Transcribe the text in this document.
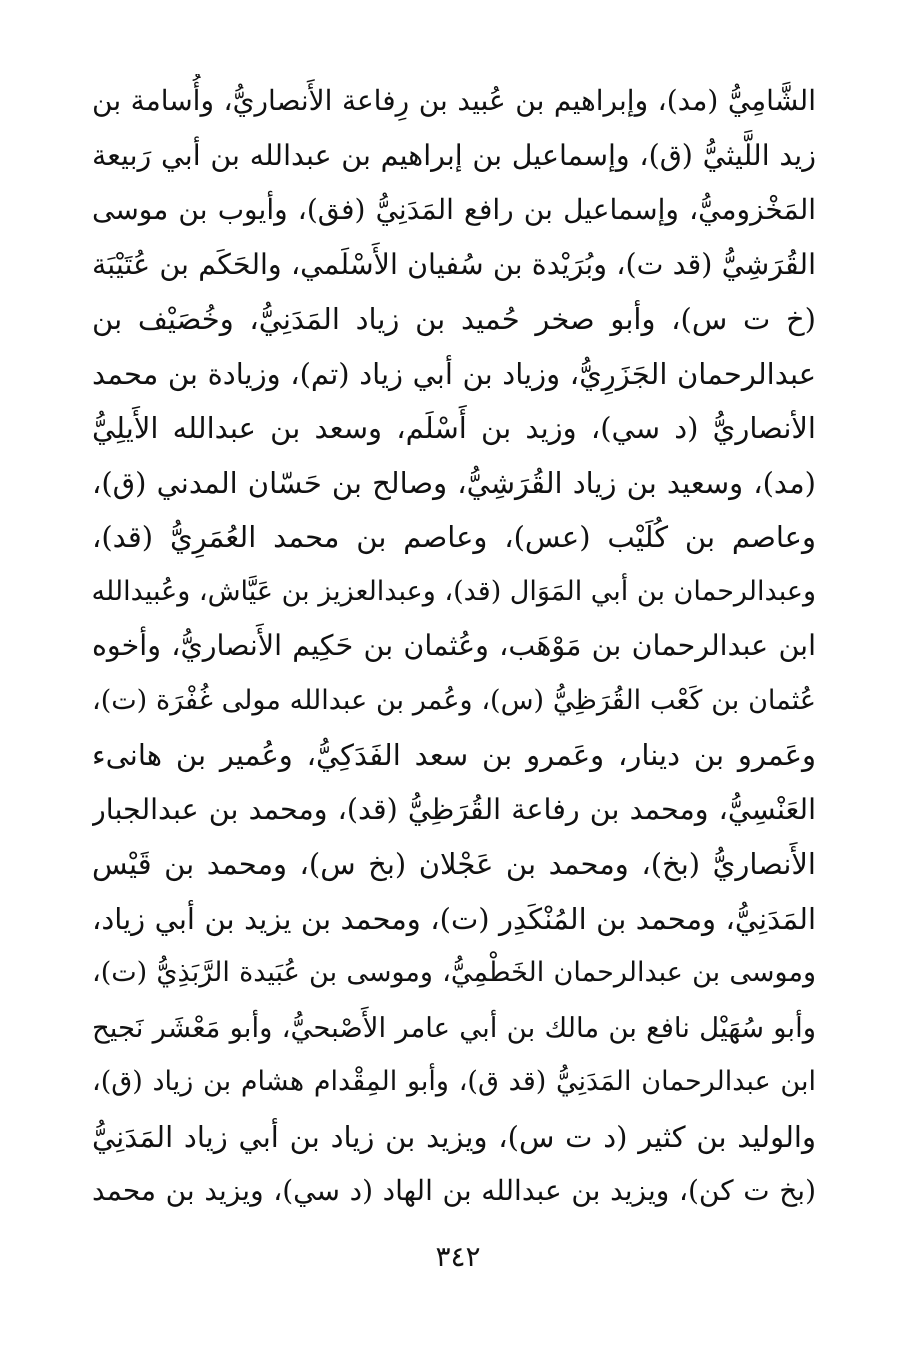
الشَّامِيُّ (مد)، وإبراهيم بن عُبيد بن رِفاعة الأَنصاريُّ، وأُسامة بن
زيد اللَّيثيُّ (ق)، وإسماعيل بن إبراهيم بن عبدالله بن أبي رَبيعة
المَخْزوميُّ، وإسماعيل بن رافع المَدَنِيُّ (فق)، وأيوب بن موسى
القُرَشِيُّ (قد ت)، وبُرَيْدة بن سُفيان الأَسْلَمي، والحَكَم بن عُتَيْبَة
(خ ت س)، وأبو صخر حُميد بن زياد المَدَنِيُّ، وخُصَيْف بن
عبدالرحمان الجَزَرِيُّ، وزياد بن أبي زياد (تم)، وزيادة بن محمد
الأنصاريُّ (د سي)، وزيد بن أَسْلَم، وسعد بن عبدالله الأَيلِيُّ
(مد)، وسعيد بن زياد القُرَشِيُّ، وصالح بن حَسّان المدني (ق)،
وعاصم بن كُلَيْب (عس)، وعاصم بن محمد العُمَرِيُّ (قد)،
وعبدالرحمان بن أبي المَوَال (قد)، وعبدالعزيز بن عَيَّاش، وعُبيدالله
ابن عبدالرحمان بن مَوْهَب، وعُثمان بن حَكِيم الأَنصاريُّ، وأخوه
عُثمان بن كَعْب القُرَظِيُّ (س)، وعُمر بن عبدالله مولى غُفْرَة (ت)،
وعَمرو بن دينار، وعَمرو بن سعد الفَدَكِيُّ، وعُمير بن هانىء
العَنْسِيُّ، ومحمد بن رفاعة القُرَظِيُّ (قد)، ومحمد بن عبدالجبار
الأَنصاريُّ (بخ)، ومحمد بن عَجْلان (بخ س)، ومحمد بن قَيْس
المَدَنِيُّ، ومحمد بن المُنْكَدِر (ت)، ومحمد بن يزيد بن أبي زياد،
وموسى بن عبدالرحمان الخَطْمِيُّ، وموسى بن عُبَيدة الرَّبَذِيُّ (ت)،
وأبو سُهَيْل نافع بن مالك بن أبي عامر الأَصْبحيُّ، وأبو مَعْشَر نَجيح
ابن عبدالرحمان المَدَنِيُّ (قد ق)، وأبو المِقْدام هشام بن زياد (ق)،
والوليد بن كثير (د ت س)، ويزيد بن زياد بن أبي زياد المَدَنِيُّ
(بخ ت كن)، ويزيد بن عبدالله بن الهاد (د سي)، ويزيد بن محمد
٣٤٢
